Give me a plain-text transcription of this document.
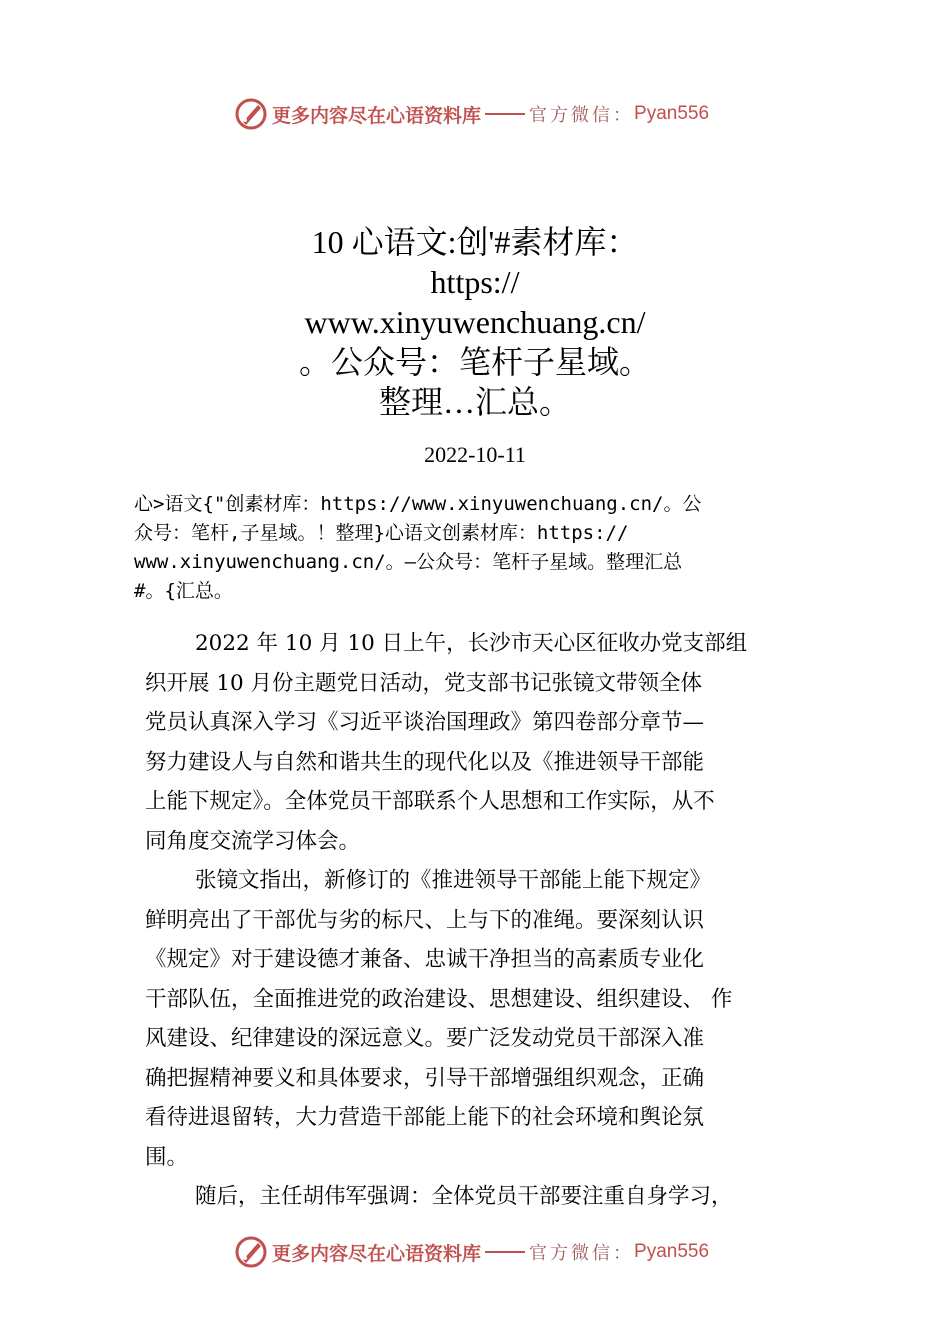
更多内容尽在心语资料库	官方微信： Pyan556
10 心语文:创'#素材库：
https://
www.xinyuwenchuang.cn/
。公众号：笔杆子星域。
整理…汇总。
2022-10-11
心>语文{"创素材库：https://www.xinyuwenchuang.cn/。公
众号：笔杆,子星域。！整理}心语文创素材库：https://
www.xinyuwenchuang.cn/。—公众号：笔杆子星域。整理汇总
#。{汇总。
2022 年 10 月 10 日上午，长沙市天心区征收办党支部组
织开展 10 月份主题党日活动，党支部书记张镜文带领全体
党员认真深入学习《习近平谈治国理政》第四卷部分章节—
努力建设人与自然和谐共生的现代化以及《推进领导干部能
上能下规定》。全体党员干部联系个人思想和工作实际，从不
同角度交流学习体会。
张镜文指出，新修订的《推进领导干部能上能下规定》
鲜明亮出了干部优与劣的标尺、上与下的准绳。要深刻认识
《规定》对于建设德才兼备、忠诚干净担当的高素质专业化
干部队伍，全面推进党的政治建设、思想建设、组织建设、 作
风建设、纪律建设的深远意义。要广泛发动党员干部深入准
确把握精神要义和具体要求，引导干部增强组织观念，正确
看待进退留转，大力营造干部能上能下的社会环境和舆论氛
围。
随后，主任胡伟军强调：全体党员干部要注重自身学习，
更多内容尽在心语资料库	官方微信： Pyan556
